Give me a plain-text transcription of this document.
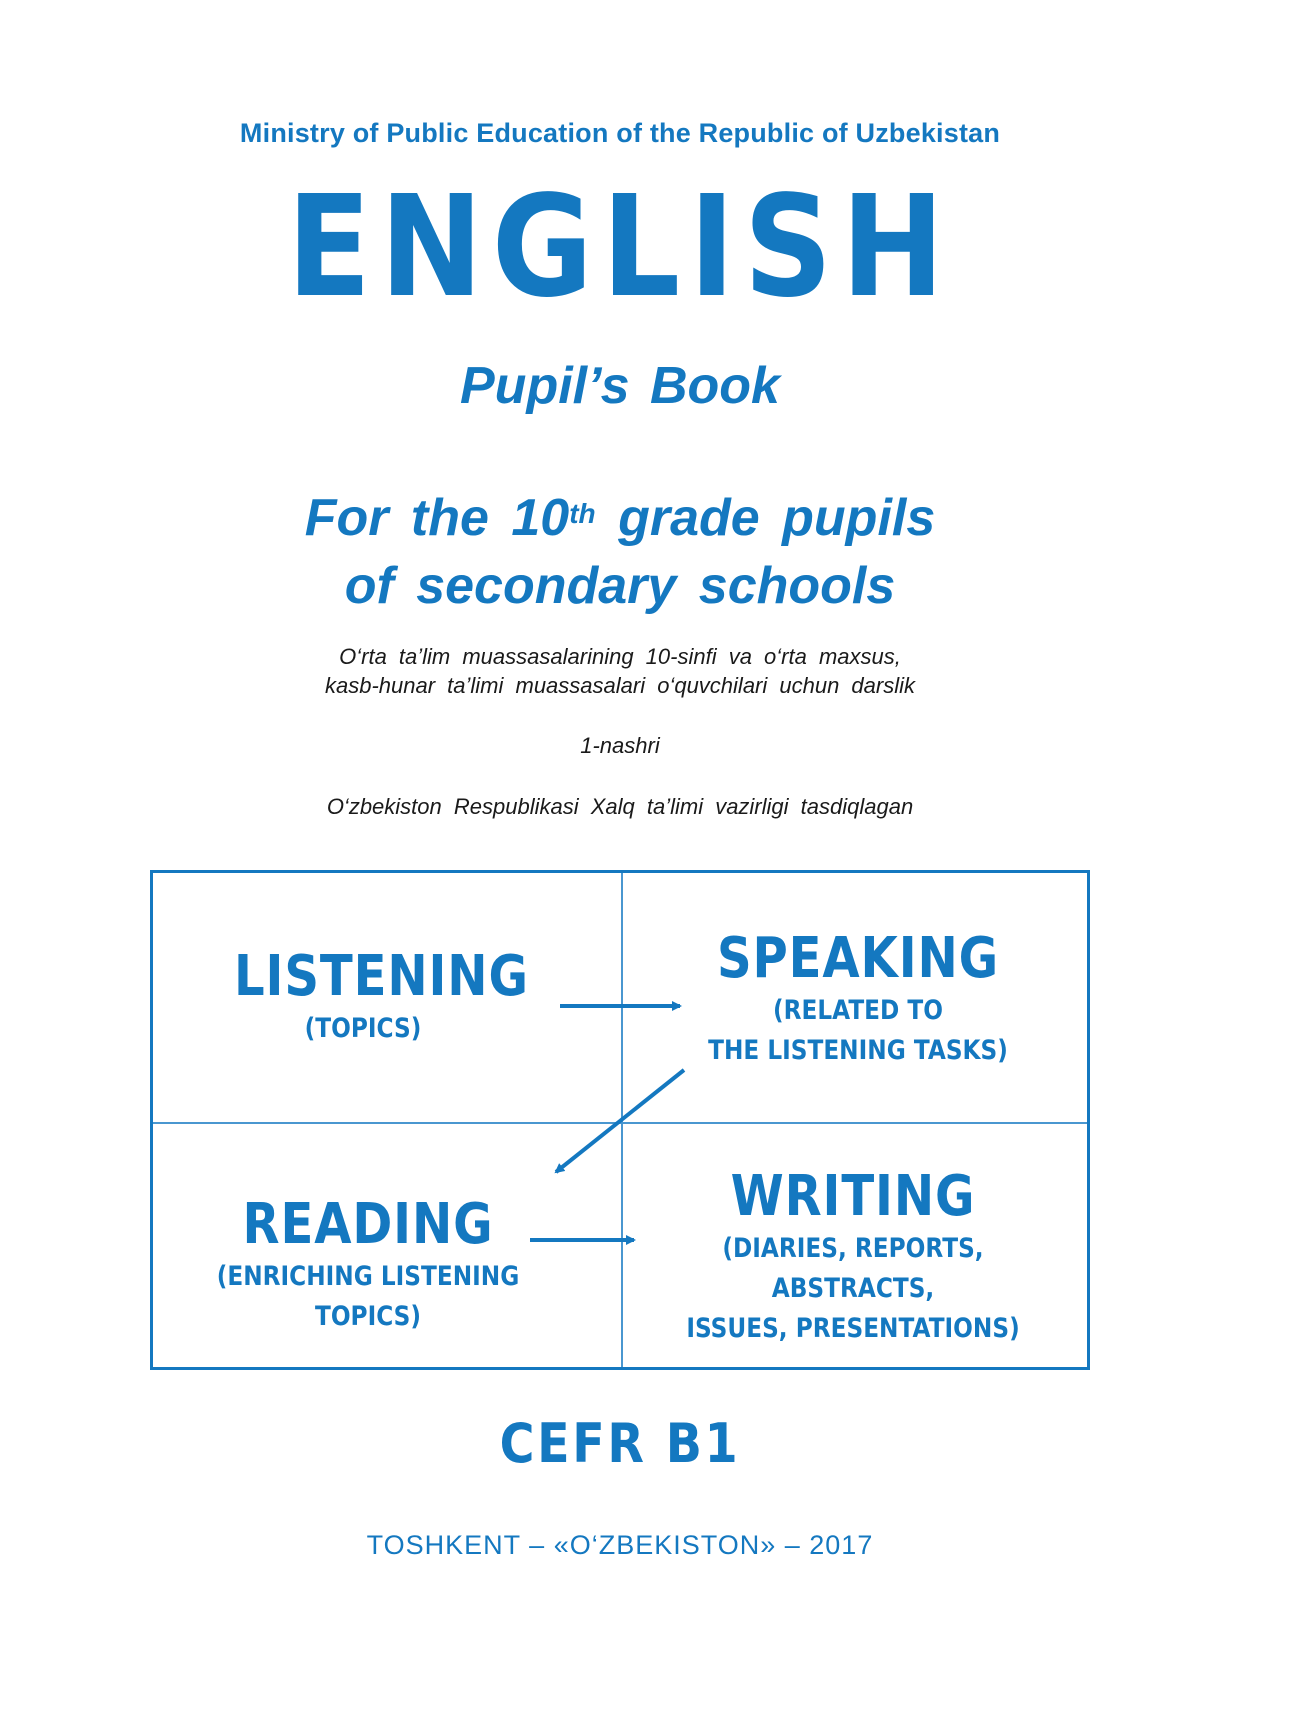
Ministry of Public Education of the Republic of Uzbekistan
ENGLISH
Pupil’s Book
For the 10th grade pupils
of secondary schools
O‘rta ta’lim muassasalarining 10-sinfi va o‘rta maxsus,
kasb-hunar ta’limi muassasalari o‘quvchilari uchun darslik
1-nashri
O‘zbekiston Respublikasi Xalq ta’limi vazirligi tasdiqlagan
LISTENING
(TOPICS)
SPEAKING
(RELATED TO
THE LISTENING TASKS)
READING
(ENRICHING LISTENING TOPICS)
WRITING
(DIARIES, REPORTS, ABSTRACTS,
ISSUES, PRESENTATIONS)
CEFR B1
TOSHKENT – «O‘ZBEKISTON» – 2017
